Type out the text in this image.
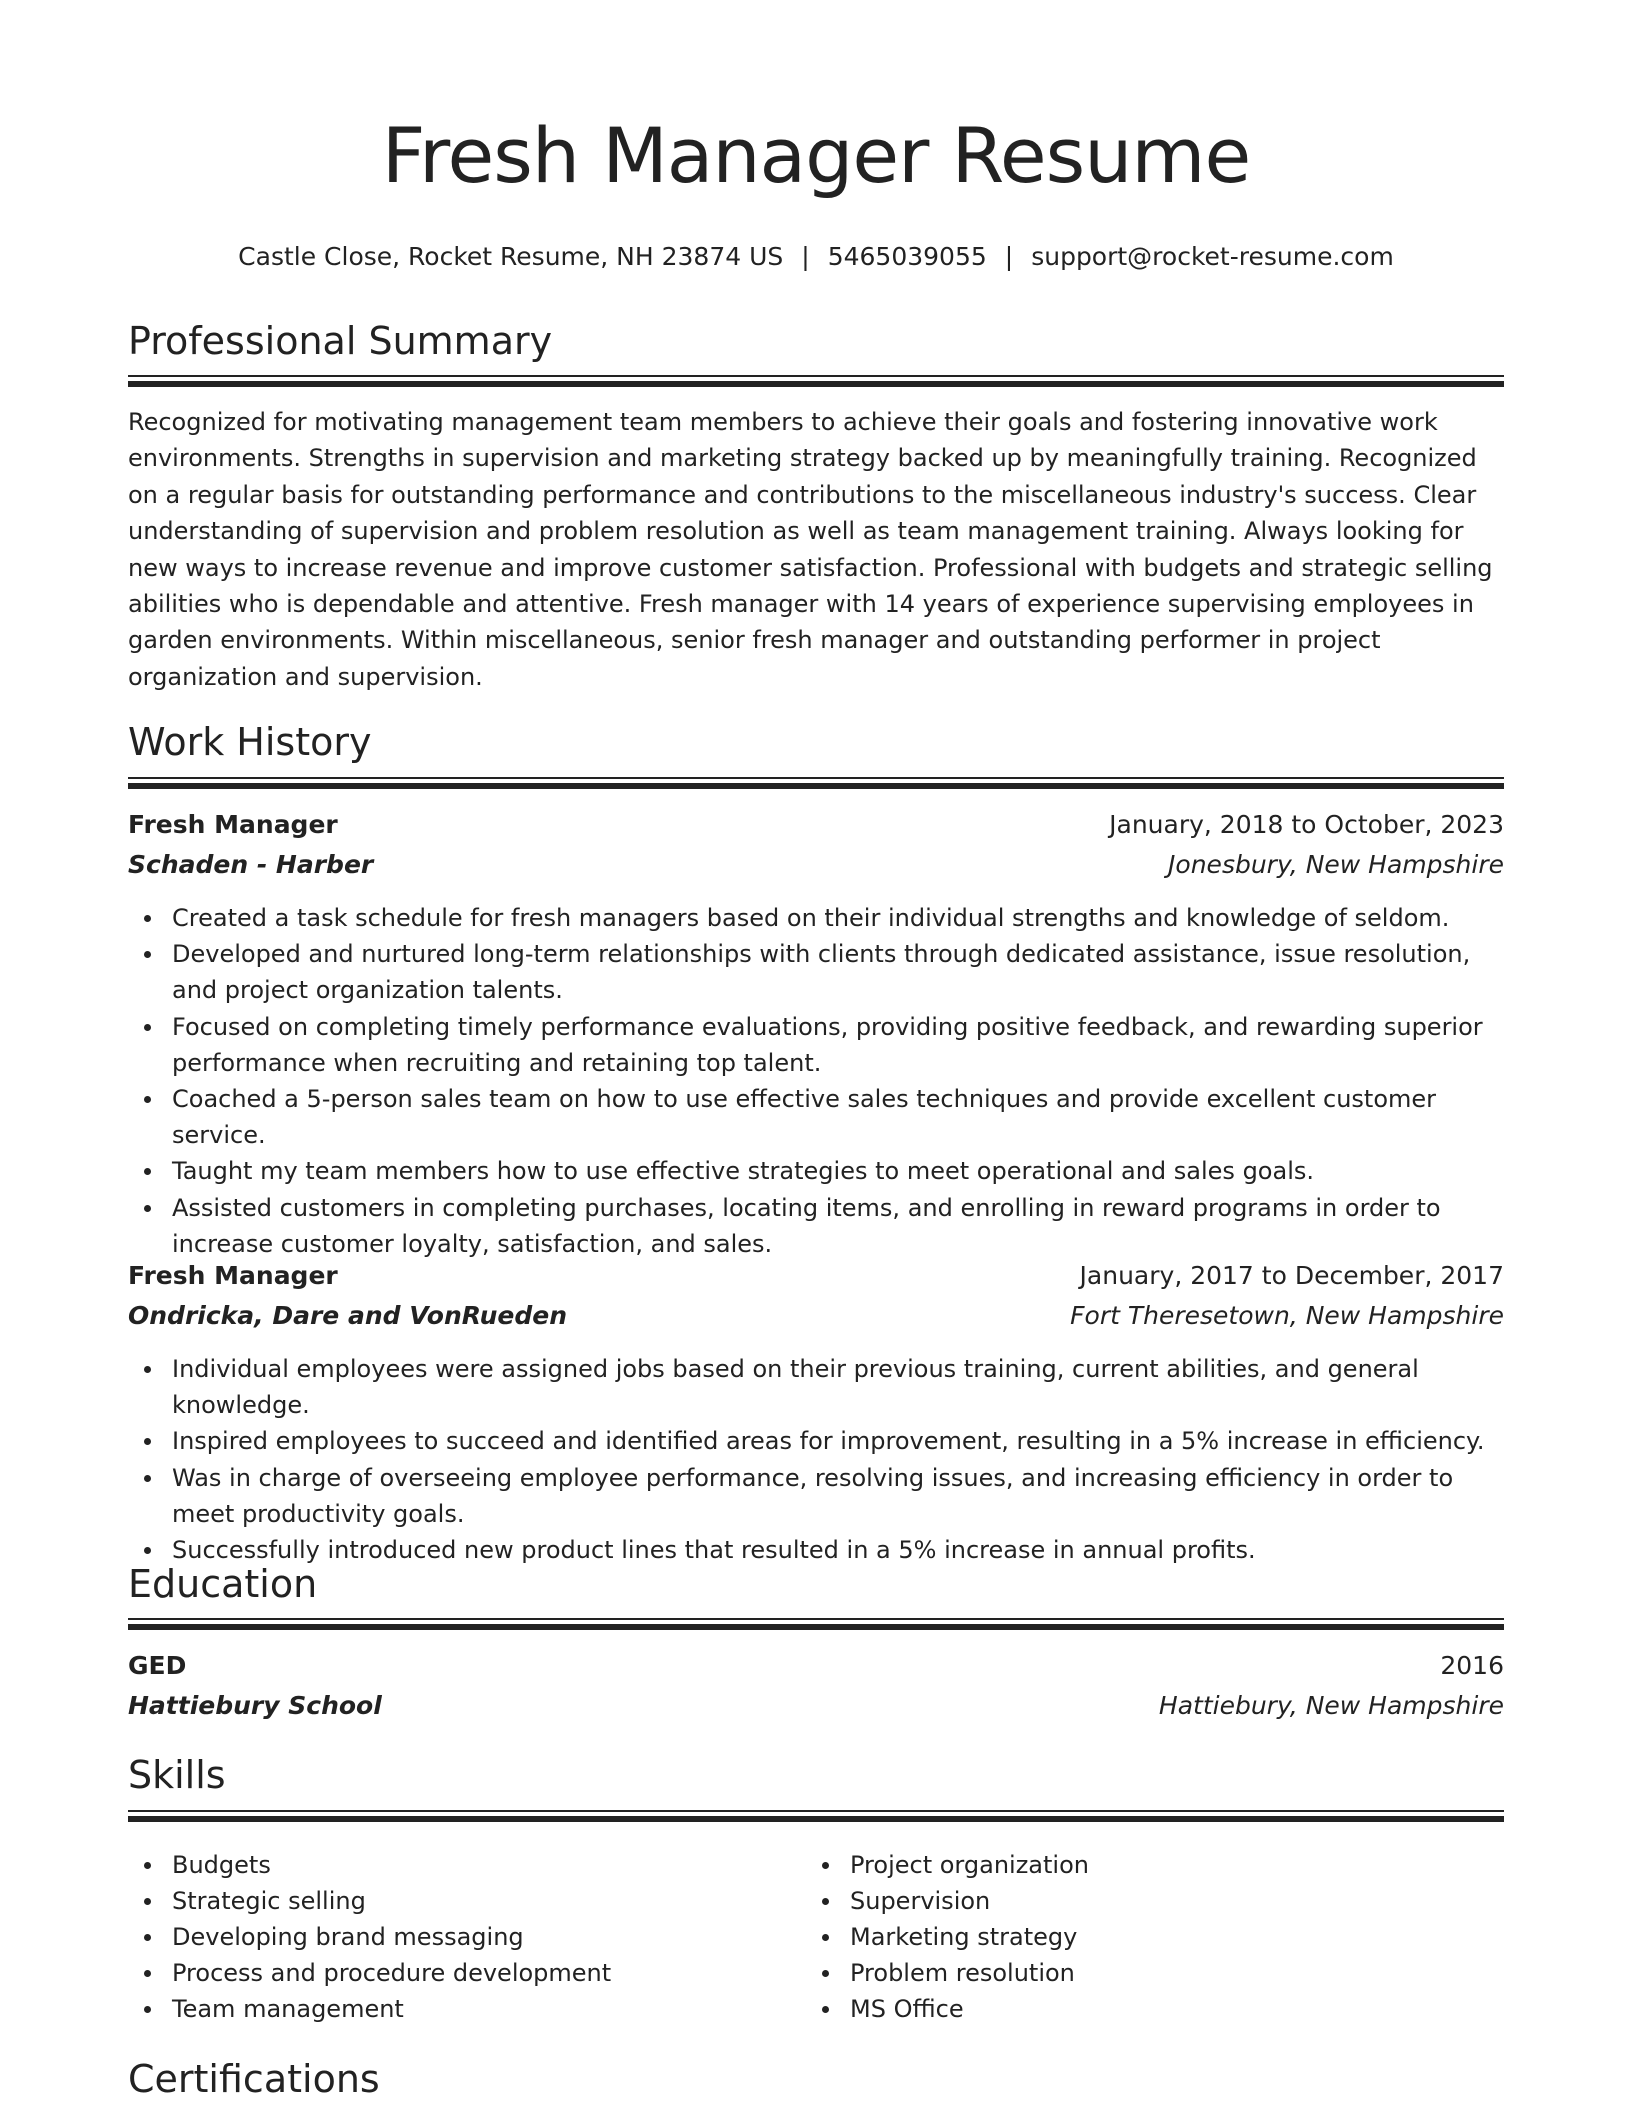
Fresh Manager Resume
Castle Close, Rocket Resume, NH 23874 US | 5465039055 | support@rocket-resume.com
Professional Summary

Recognized for motivating management team members to achieve their goals and fostering innovative work environments. Strengths in supervision and marketing strategy backed up by meaningfully training. Recognized on a regular basis for outstanding performance and contributions to the miscellaneous industry's success. Clear understanding of supervision and problem resolution as well as team management training. Always looking for new ways to increase revenue and improve customer satisfaction. Professional with budgets and strategic selling abilities who is dependable and attentive. Fresh manager with 14 years of experience supervising employees in garden environments. Within miscellaneous, senior fresh manager and outstanding performer in project organization and supervision.

Work History
Fresh Manager	January, 2018 to October, 2023
Schaden - Harber	Jonesbury, New Hampshire
Created a task schedule for fresh managers based on their individual strengths and knowledge of seldom.
Developed and nurtured long-term relationships with clients through dedicated assistance, issue resolution, and project organization talents.
Focused on completing timely performance evaluations, providing positive feedback, and rewarding superior performance when recruiting and retaining top talent.
Coached a 5-person sales team on how to use effective sales techniques and provide excellent customer service.
Taught my team members how to use effective strategies to meet operational and sales goals.
Assisted customers in completing purchases, locating items, and enrolling in reward programs in order to increase customer loyalty, satisfaction, and sales.
Fresh Manager	January, 2017 to December, 2017
Ondricka, Dare and VonRueden	Fort Theresetown, New Hampshire
Individual employees were assigned jobs based on their previous training, current abilities, and general knowledge.
Inspired employees to succeed and identified areas for improvement, resulting in a 5% increase in efficiency.
Was in charge of overseeing employee performance, resolving issues, and increasing efficiency in order to meet productivity goals.
Successfully introduced new product lines that resulted in a 5% increase in annual profits.
Education
GED	2016
Hattiebury School	Hattiebury, New Hampshire
Skills
Budgets
Strategic selling
Developing brand messaging
Process and procedure development
Team management
Project organization
Supervision
Marketing strategy
Problem resolution
MS Office
Certifications
